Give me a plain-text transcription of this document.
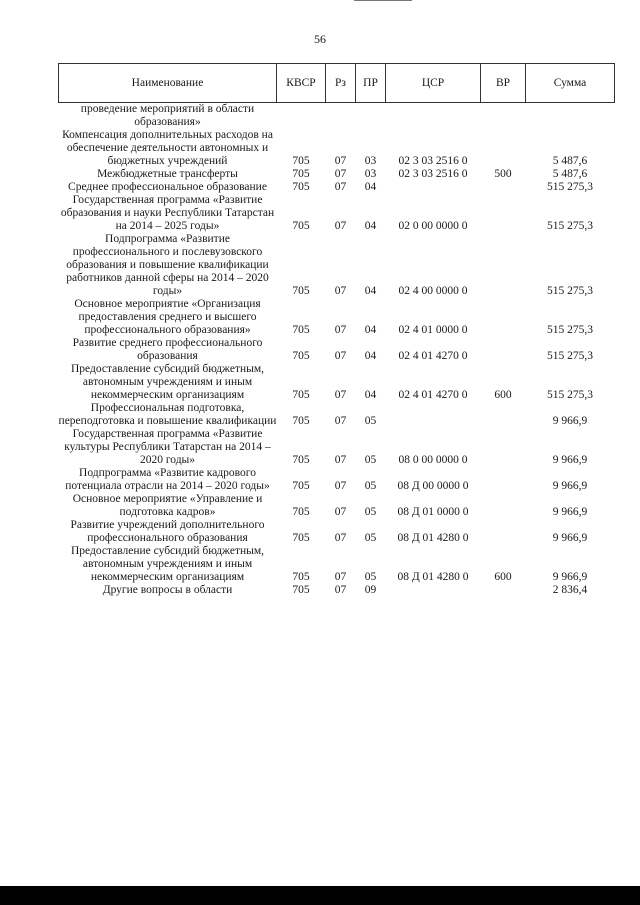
56
Наименование	КВСР	Рз	ПР	ЦСР	ВР	Сумма
проведение мероприятий в области образования»						
Компенсация дополнительных расходов на обеспечение деятельности автономных и бюджетных учреждений	705	07	03	02 3 03 2516 0		5 487,6
Межбюджетные трансферты	705	07	03	02 3 03 2516 0	500	5 487,6
Среднее профессиональное образование	705	07	04			515 275,3
Государственная программа «Развитие образования и науки Республики Татарстан на 2014 – 2025 годы»	705	07	04	02 0 00 0000 0		515 275,3
Подпрограмма «Развитие профессионального и послевузовского образования и повышение квалификации работников данной сферы на 2014 – 2020 годы»	705	07	04	02 4 00 0000 0		515 275,3
Основное мероприятие «Организация предоставления среднего и высшего профессионального образования»	705	07	04	02 4 01 0000 0		515 275,3
Развитие среднего профессионального образования	705	07	04	02 4 01 4270 0		515 275,3
Предоставление субсидий бюджетным, автономным учреждениям и иным некоммерческим организациям	705	07	04	02 4 01 4270 0	600	515 275,3
Профессиональная подготовка, переподготовка и повышение квалификации	705	07	05			9 966,9
Государственная программа «Развитие культуры Республики Татарстан на 2014 – 2020 годы»	705	07	05	08 0 00 0000 0		9 966,9
Подпрограмма «Развитие кадрового потенциала отрасли на 2014 – 2020 годы»	705	07	05	08 Д 00 0000 0		9 966,9
Основное мероприятие «Управление и подготовка кадров»	705	07	05	08 Д 01 0000 0		9 966,9
Развитие учреждений дополнительного профессионального образования	705	07	05	08 Д 01 4280 0		9 966,9
Предоставление субсидий бюджетным, автономным учреждениям и иным некоммерческим организациям	705	07	05	08 Д 01 4280 0	600	9 966,9
Другие вопросы в области	705	07	09			2 836,4
